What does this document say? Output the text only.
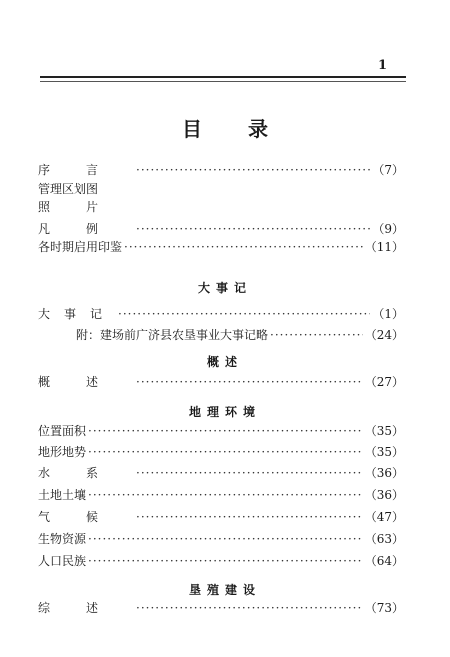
1
目录
序言 ·····	（7）
管理区划图
照片
凡例 ·····	（9）
各时期启用印鉴 ·····	（11）
大事记
大事记 ·····	（1）
附：建场前广济县农垦事业大事记略 ·····	（24）
概述
概述 ·····	（27）
地理环境
位置面积 ·····	（35）
地形地势 ·····	（35）
水系 ·····	（36）
土地土壤 ·····	（36）
气候 ·····	（47）
生物资源 ·····	（63）
人口民族 ·····	（64）
垦殖建设
综述 ·····	（73）
